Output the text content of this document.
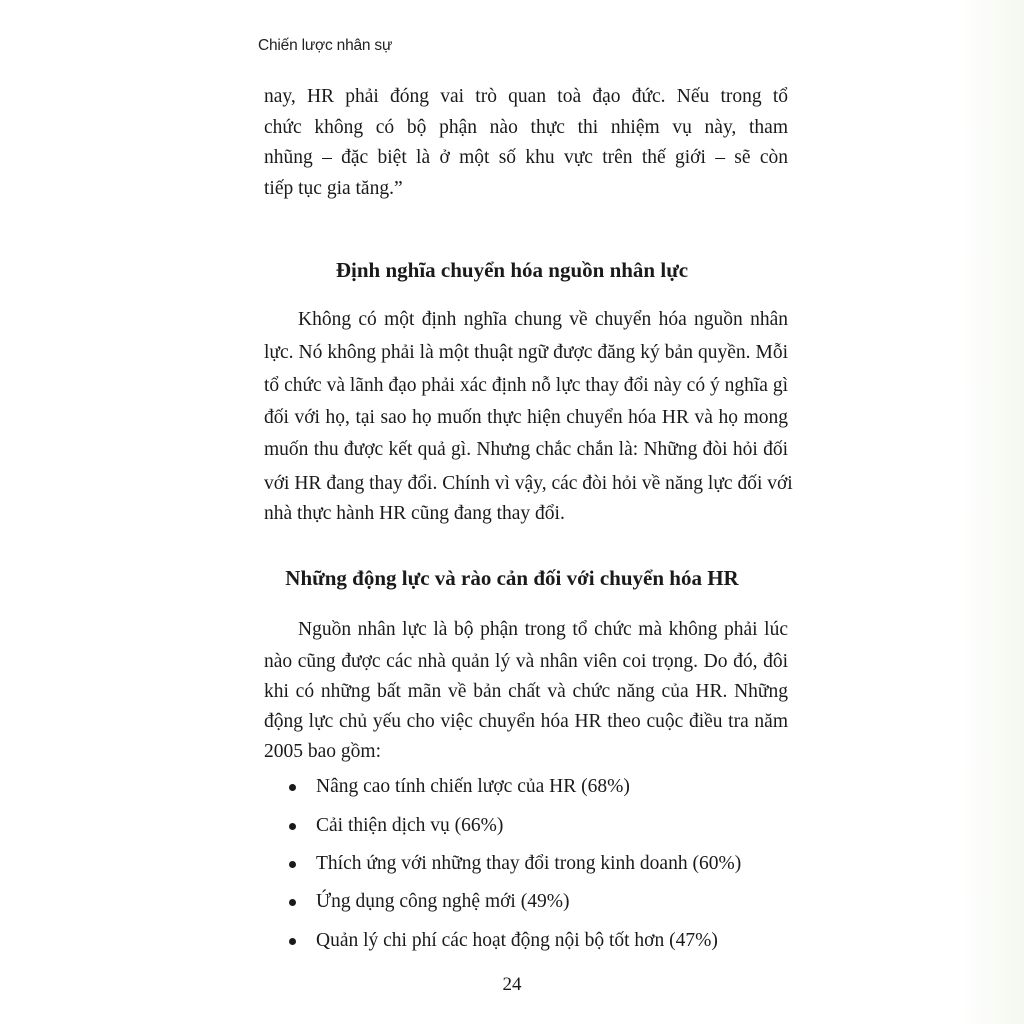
Chiến lược nhân sự
nay, HR phải đóng vai trò quan toà đạo đức. Nếu trong tổ
chức không có bộ phận nào thực thi nhiệm vụ này, tham
nhũng – đặc biệt là ở một số khu vực trên thế giới – sẽ còn
tiếp tục gia tăng.”
Định nghĩa chuyển hóa nguồn nhân lực
Không có một định nghĩa chung về chuyển hóa nguồn nhân
lực. Nó không phải là một thuật ngữ được đăng ký bản quyền. Mỗi
tổ chức và lãnh đạo phải xác định nỗ lực thay đổi này có ý nghĩa gì
đối với họ, tại sao họ muốn thực hiện chuyển hóa HR và họ mong
muốn thu được kết quả gì. Nhưng chắc chắn là: Những đòi hỏi đối
với HR đang thay đổi. Chính vì vậy, các đòi hỏi về năng lực đối với
nhà thực hành HR cũng đang thay đổi.
Những động lực và rào cản đối với chuyển hóa HR
Nguồn nhân lực là bộ phận trong tổ chức mà không phải lúc
nào cũng được các nhà quản lý và nhân viên coi trọng. Do đó, đôi
khi có những bất mãn về bản chất và chức năng của HR. Những
động lực chủ yếu cho việc chuyển hóa HR theo cuộc điều tra năm
2005 bao gồm:
Nâng cao tính chiến lược của HR (68%)
Cải thiện dịch vụ (66%)
Thích ứng với những thay đổi trong kinh doanh (60%)
Ứng dụng công nghệ mới (49%)
Quản lý chi phí các hoạt động nội bộ tốt hơn (47%)
24
